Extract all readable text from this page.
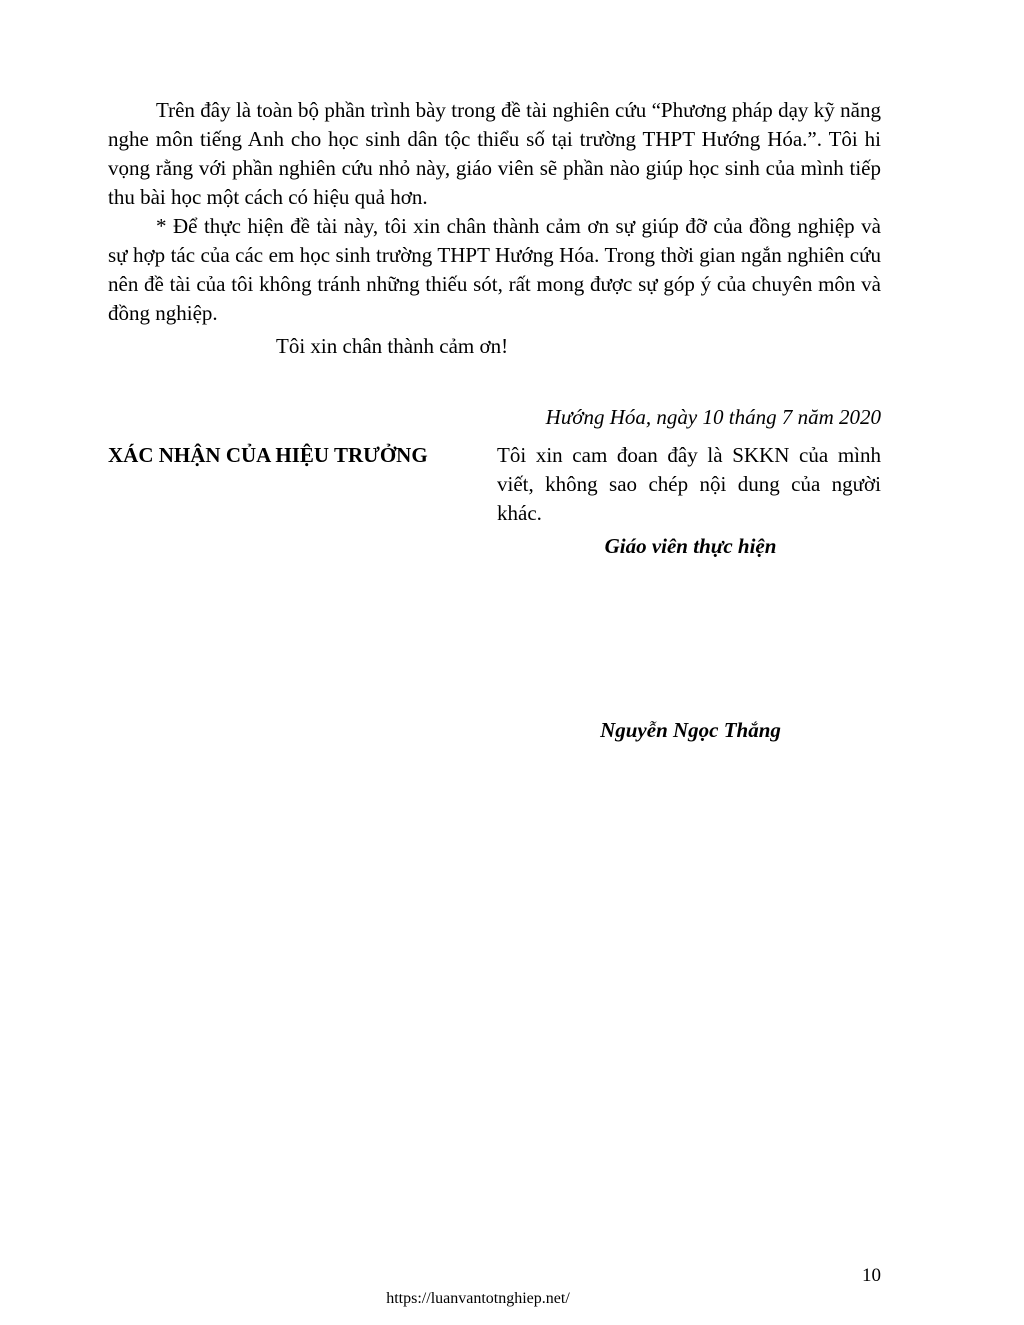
Trên đây là toàn bộ phần trình bày trong đề tài nghiên cứu “Phương pháp dạy kỹ năng nghe môn tiếng Anh cho học sinh dân tộc thiểu số tại trường THPT Hướng Hóa.”. Tôi hi vọng rằng với phần nghiên cứu nhỏ này, giáo viên sẽ phần nào giúp học sinh của mình tiếp thu bài học một cách có hiệu quả hơn.

* Để thực hiện đề tài này, tôi xin chân thành cảm ơn sự giúp đỡ của đồng nghiệp và sự hợp tác của các em học sinh trường THPT Hướng Hóa. Trong thời gian ngắn nghiên cứu nên đề tài của tôi không tránh những thiếu sót, rất mong được sự góp ý của chuyên môn và đồng nghiệp.

Tôi xin chân thành cảm ơn!

Hướng Hóa, ngày 10 tháng 7 năm 2020

XÁC NHẬN CỦA HIỆU TRƯỞNG	Tôi xin cam đoan đây là SKKN của mình viết, không sao chép nội dung của người khác.

Giáo viên thực hiện

Nguyễn Ngọc Thắng

10

https://luanvantotnghiep.net/
